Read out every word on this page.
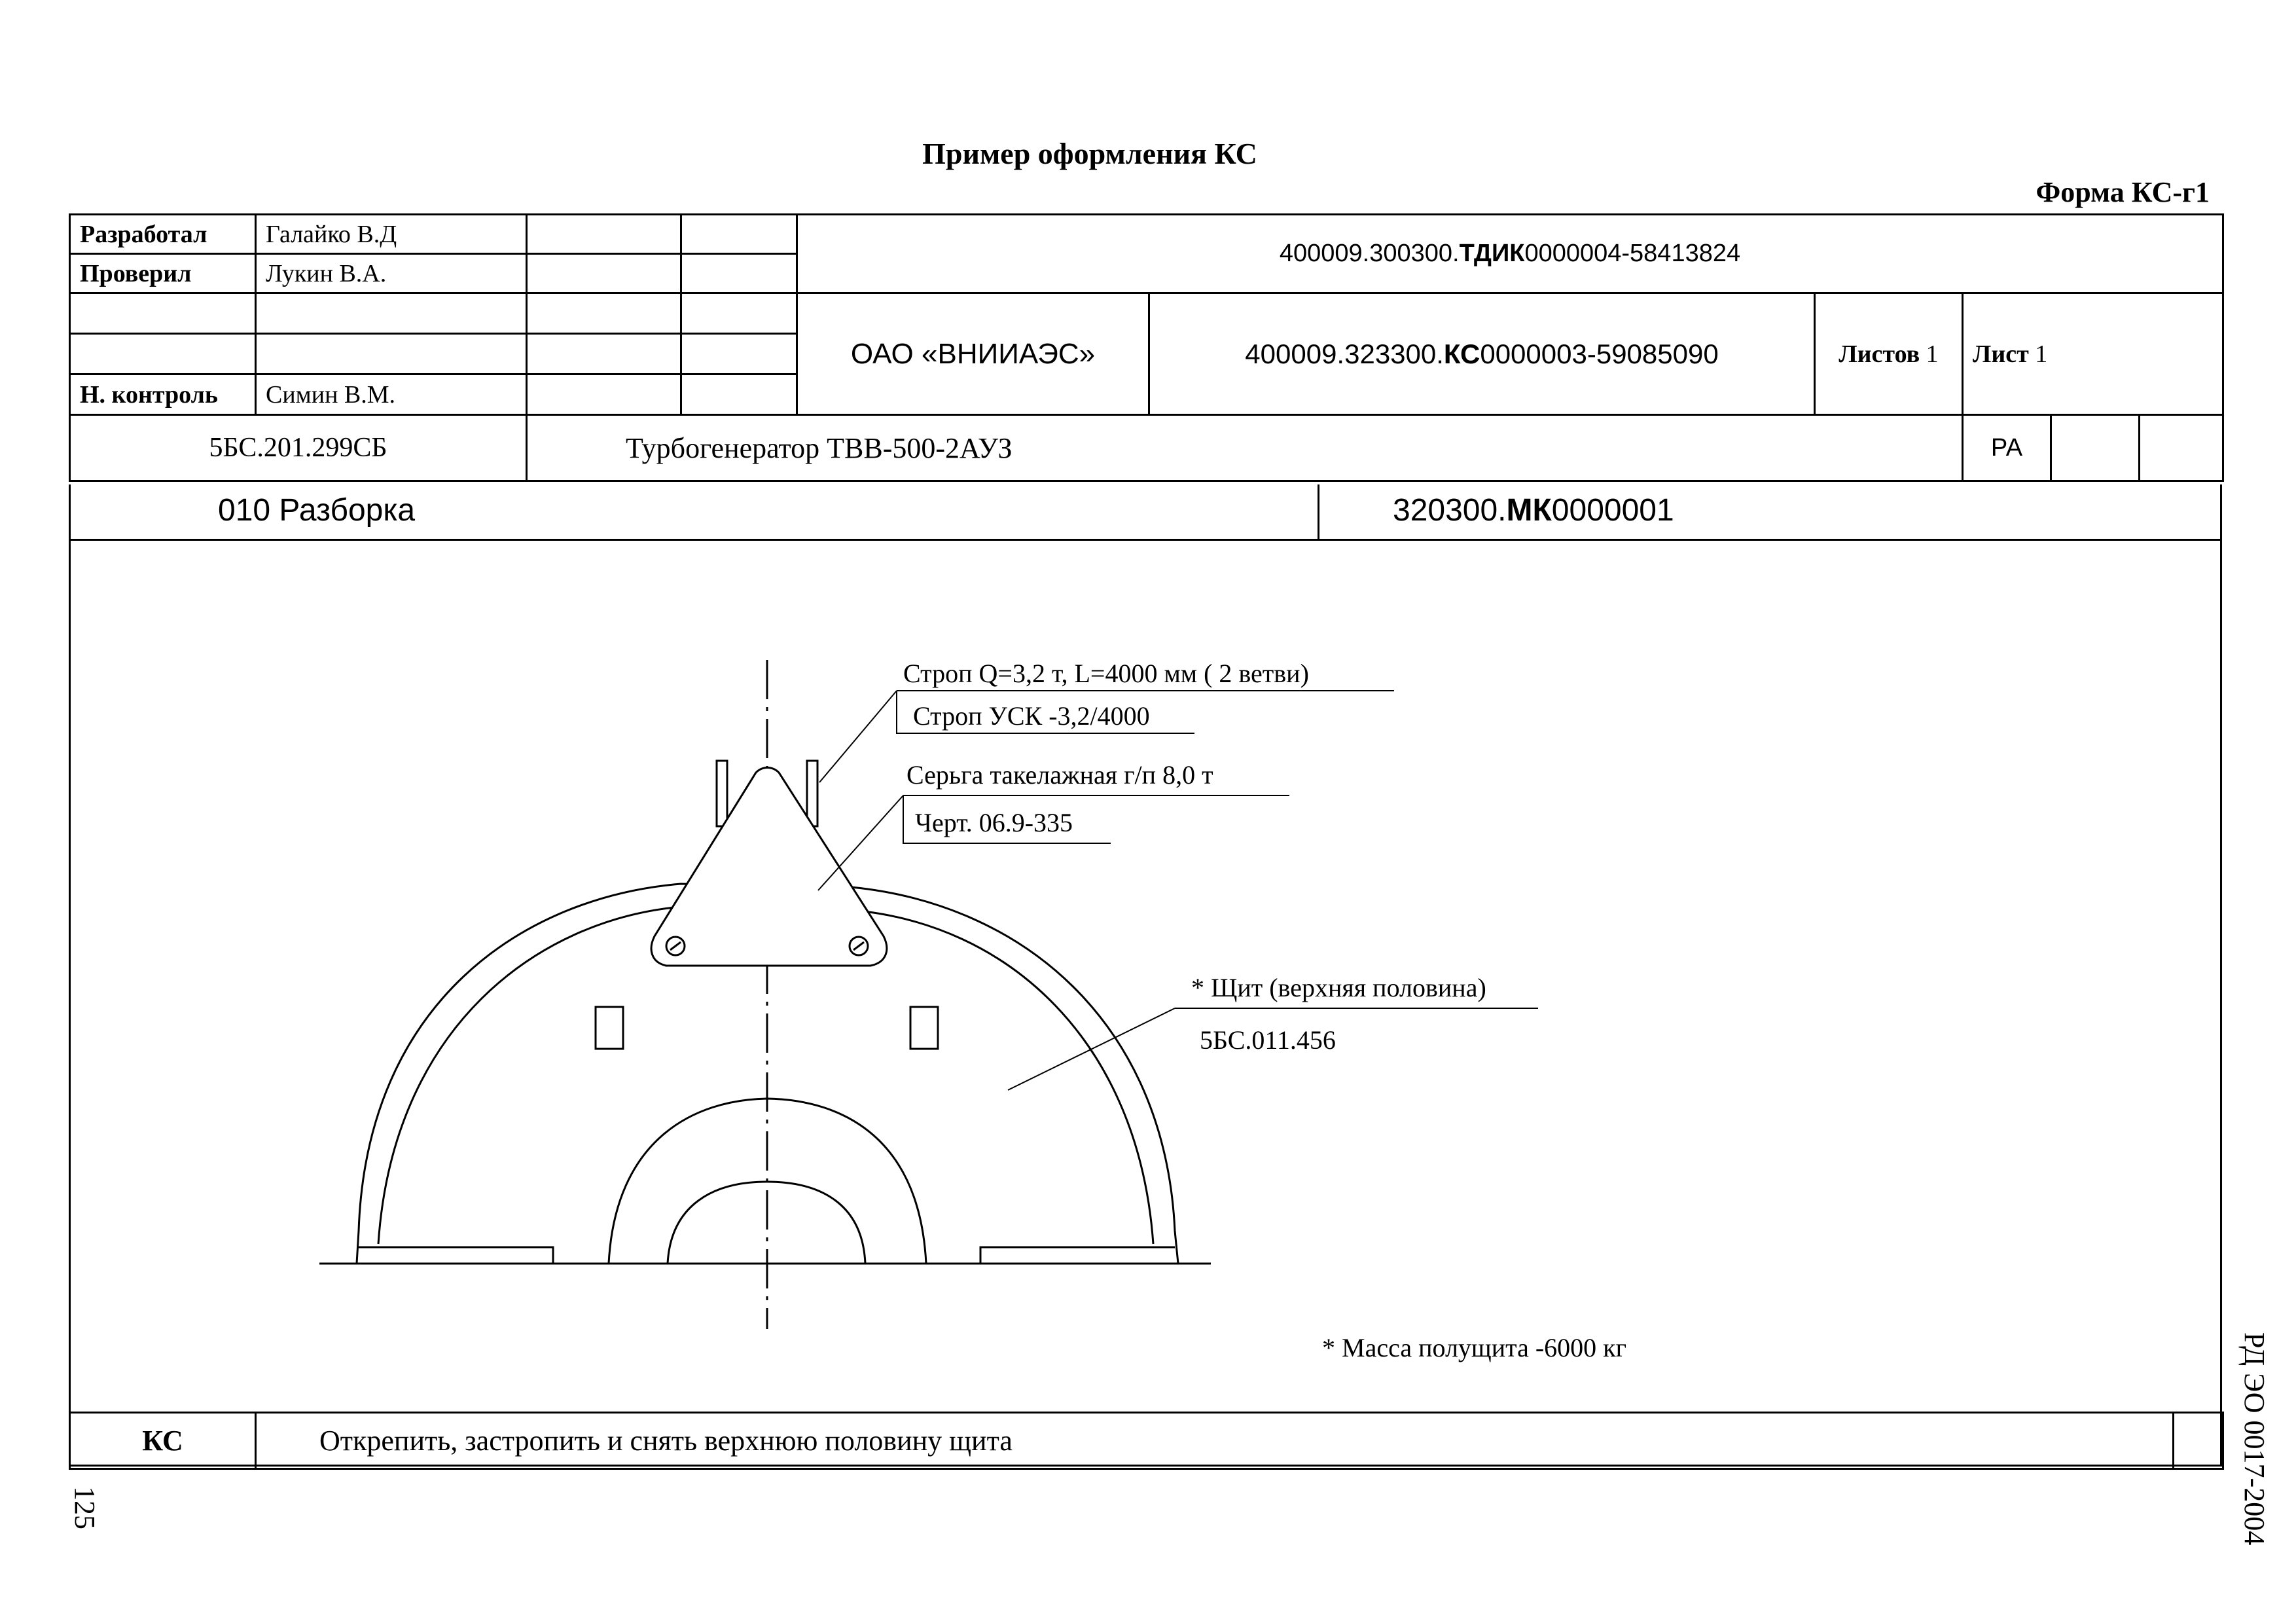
Пример оформления КС
Форма КС-г1
Разработал	Галайко В.Д			400009.300300.ТДИК0000004-58413824			
Проверил	Лукин В.А.						
				ОАО «ВНИИАЭС»	400009.323300.КС0000003-59085090	Листов 1	Лист 1

Н. контроль	Симин В.М.						
5БС.201.299СБ		Турбогенератор ТВВ-500-2АУЗ					РА
010 Разборка	320300.МК0000001
Строп Q=3,2 т, L=4000 мм ( 2 ветви)
Строп УСК -3,2/4000
Серьга такелажная г/п 8,0 т
Черт. 06.9-335
* Щит (верхняя половина)
5БС.011.456
* Масса полущита -6000 кг
КС	Открепить, застропить и снять верхнюю половину щита	
125	РД ЭО 0017-2004
